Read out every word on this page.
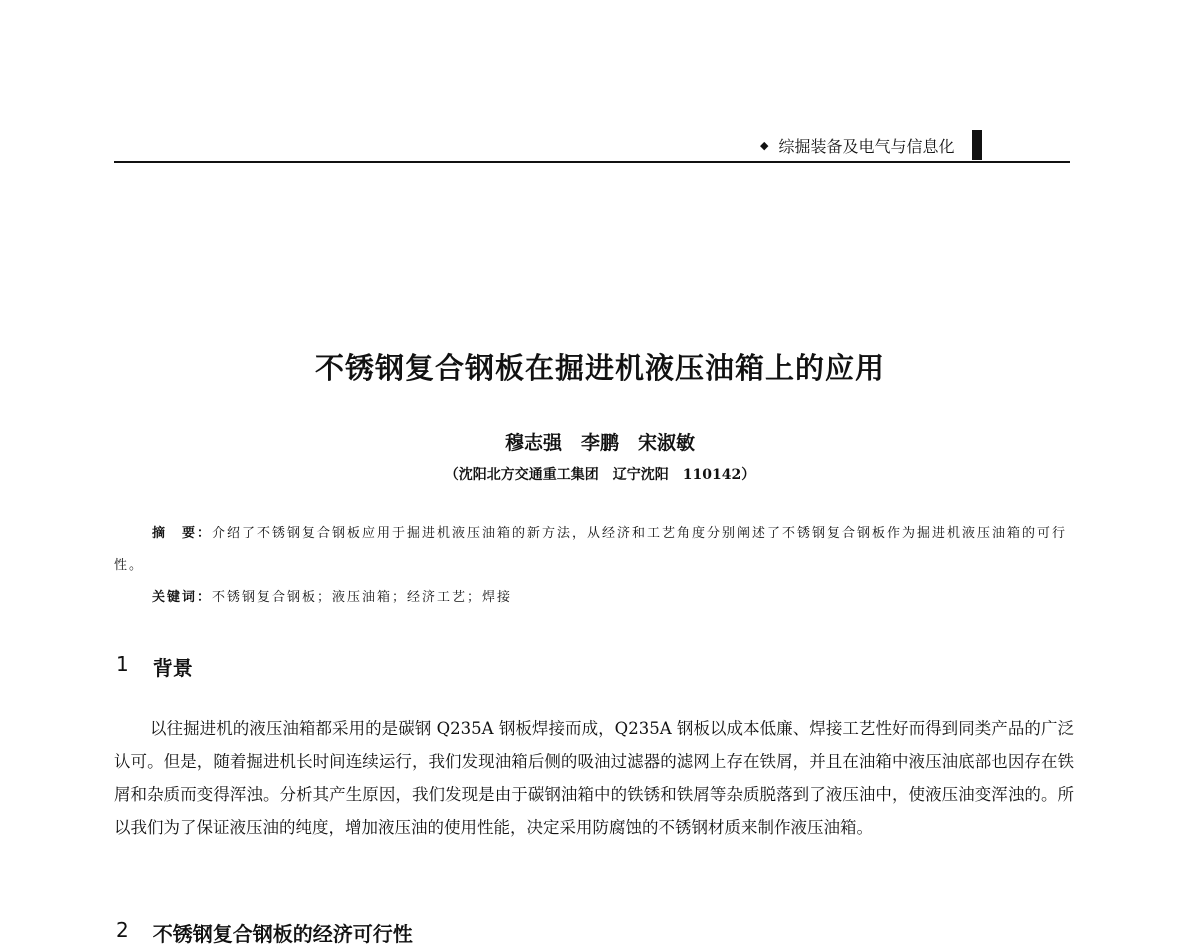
◆ 综掘装备及电气与信息化
不锈钢复合钢板在掘进机液压油箱上的应用
穆志强　李鹏　宋淑敏
（沈阳北方交通重工集团　辽宁沈阳　110142）
摘　要：介绍了不锈钢复合钢板应用于掘进机液压油箱的新方法，从经济和工艺角度分别阐述了不锈钢复合钢板作为掘进机液压油箱的可行性。
关键词：不锈钢复合钢板；液压油箱；经济工艺；焊接
1 背景
以往掘进机的液压油箱都采用的是碳钢 Q235A 钢板焊接而成，Q235A 钢板以成本低廉、焊接工艺性好而得到同类产品的广泛认可。但是，随着掘进机长时间连续运行，我们发现油箱后侧的吸油过滤器的滤网上存在铁屑，并且在油箱中液压油底部也因存在铁屑和杂质而变得浑浊。分析其产生原因，我们发现是由于碳钢油箱中的铁锈和铁屑等杂质脱落到了液压油中，使液压油变浑浊的。所以我们为了保证液压油的纯度，增加液压油的使用性能，决定采用防腐蚀的不锈钢材质来制作液压油箱。
2 不锈钢复合钢板的经济可行性
